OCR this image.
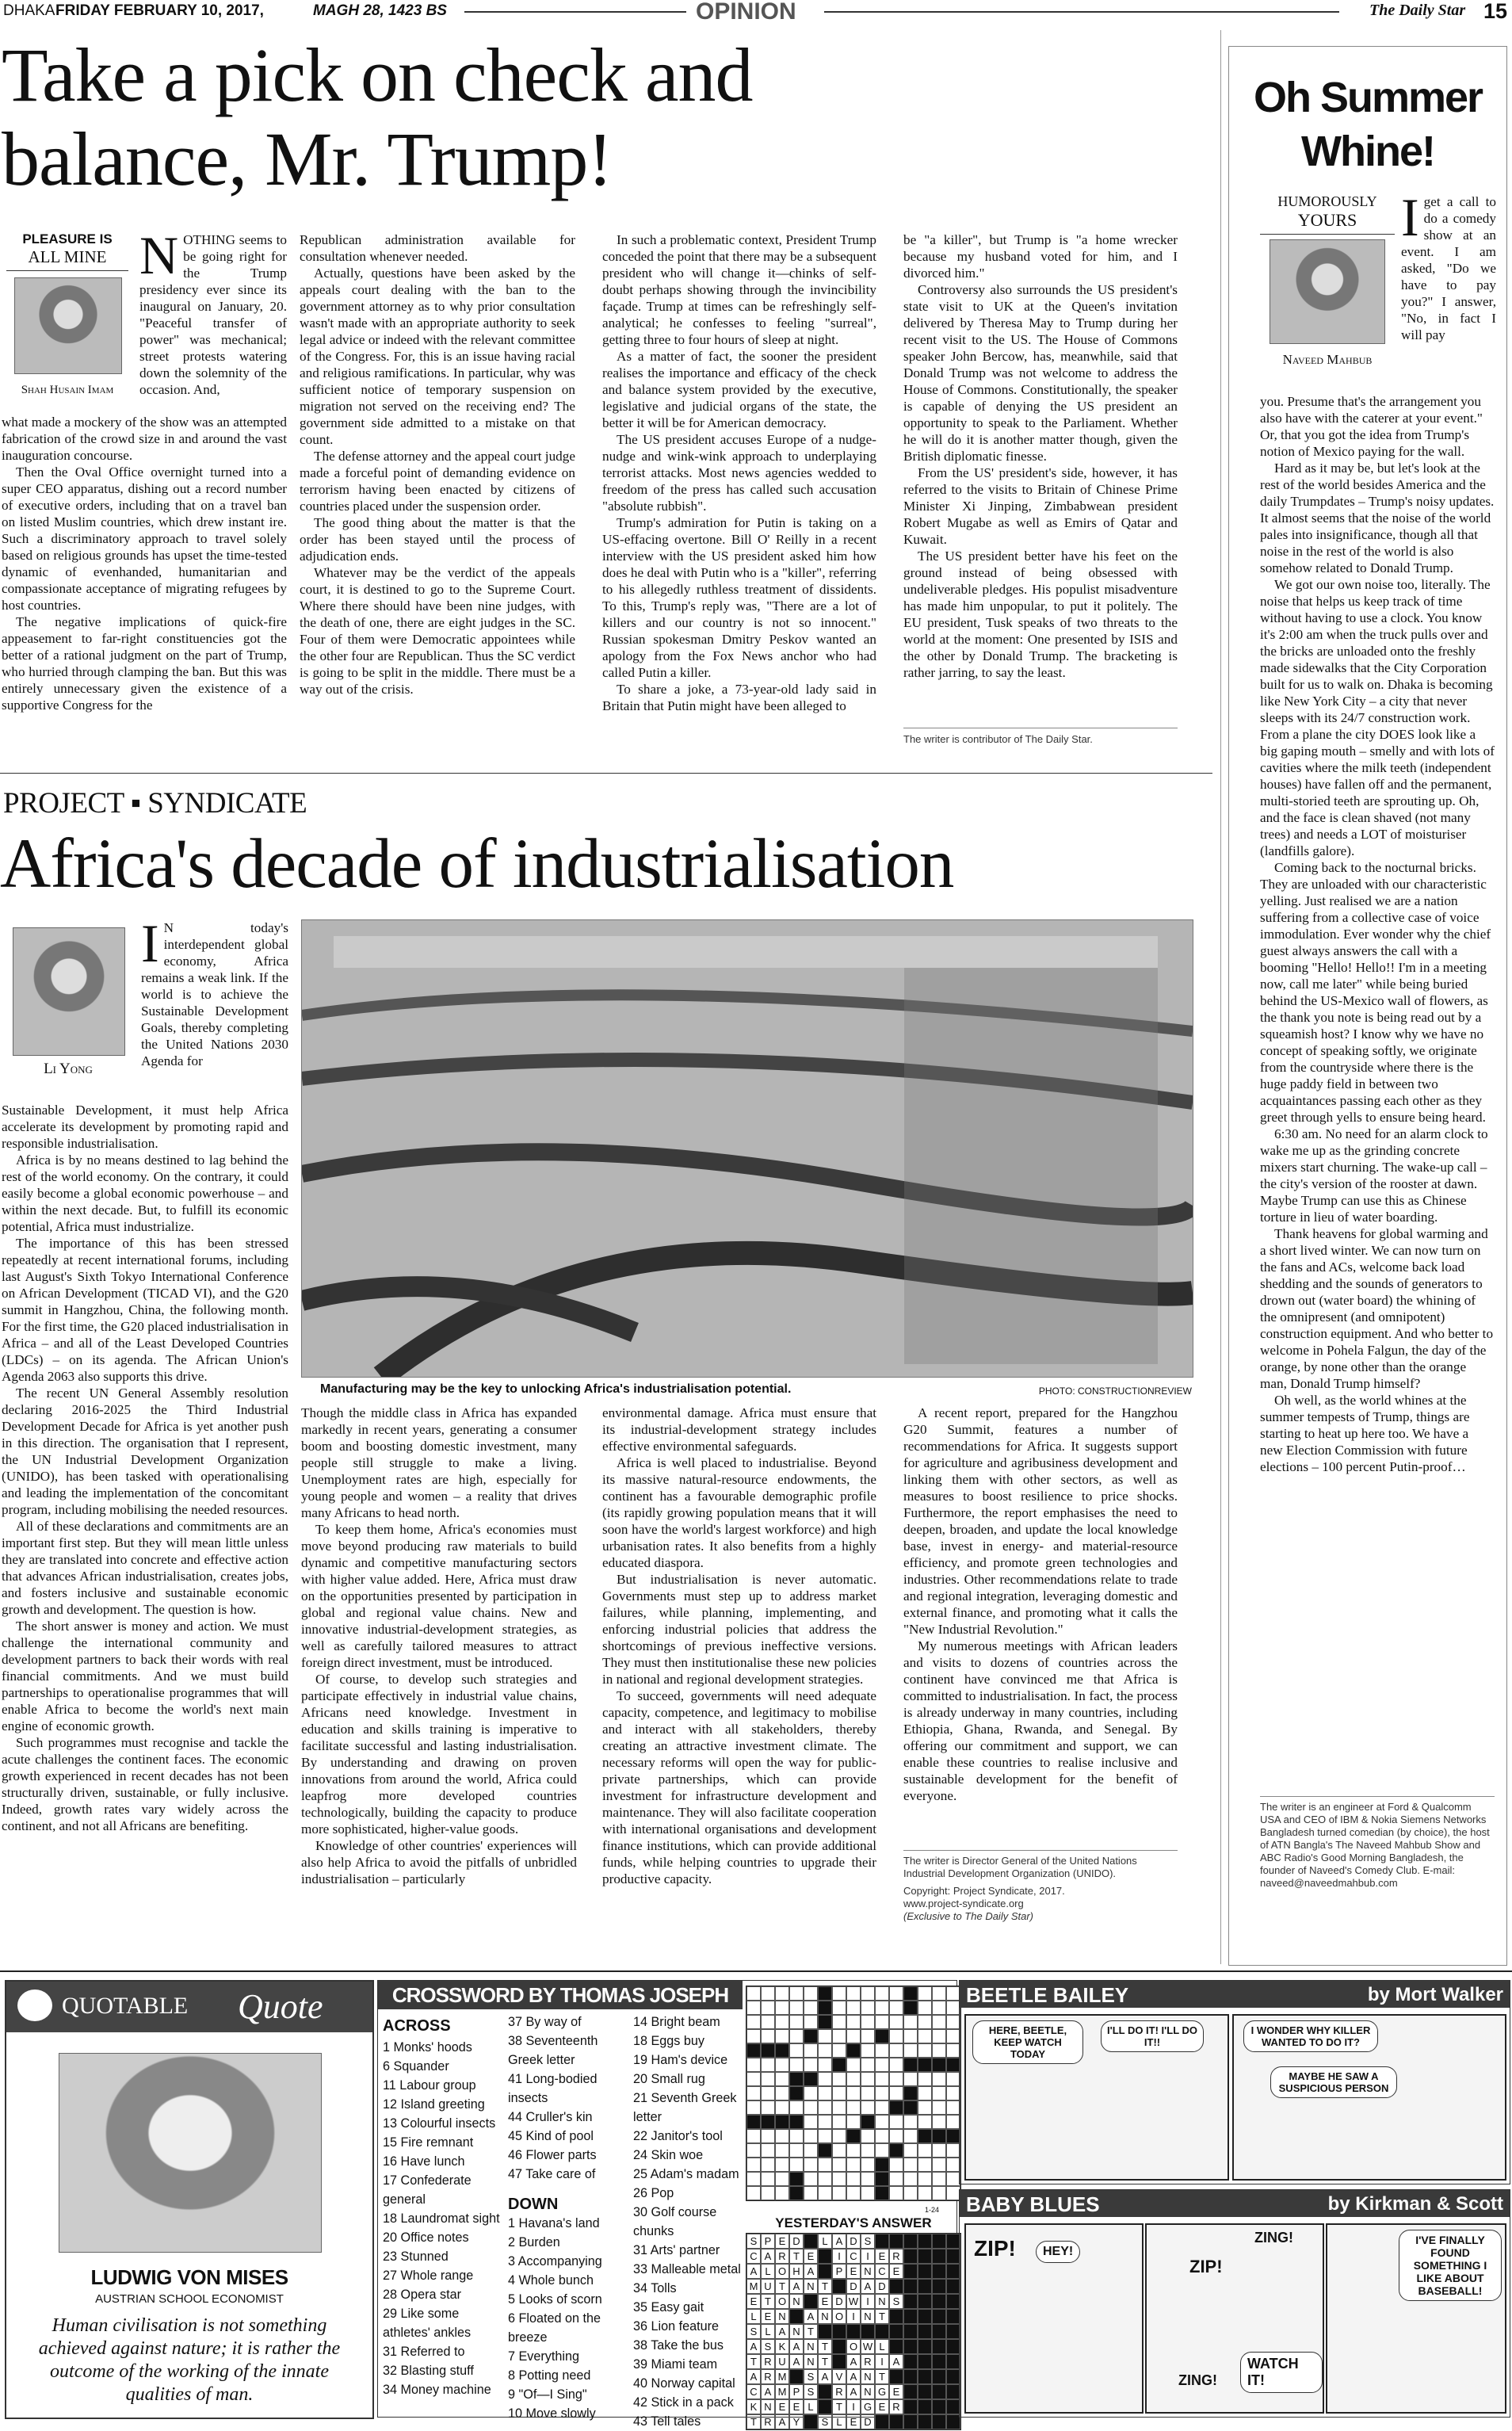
DHAKA FRIDAY FEBRUARY 10, 2017,	MAGH 28, 1423 BS	OPINION	The Daily Star 15
Take a pick on check and balance, Mr. Trump!
PLEASURE IS
ALL MINE
Shah Husain Imam

NOTHING seems to be going right for the Trump presidency ever since its inaugural on January, 20. "Peaceful transfer of power" was mechanical; street protests watering down the solemnity of the occasion. And,

what made a mockery of the show was an attempted fabrication of the crowd size in and around the vast inauguration concourse.

Then the Oval Office overnight turned into a super CEO apparatus, dishing out a record number of executive orders, including that on a travel ban on listed Muslim countries, which drew instant ire. Such a discriminatory approach to travel solely based on religious grounds has upset the time-tested dynamic of evenhanded, humanitarian and compassionate acceptance of migrating refugees by host countries.

The negative implications of quick-fire appeasement to far-right constituencies got the better of a rational judgment on the part of Trump, who hurried through clamping the ban. But this was entirely unnecessary given the existence of a supportive Congress for the

Republican administration available for consultation whenever needed.

Actually, questions have been asked by the appeals court dealing with the ban to the government attorney as to why prior consultation wasn't made with an appropriate authority to seek legal advice or indeed with the relevant committee of the Congress. For, this is an issue having racial and religious ramifications. In particular, why was sufficient notice of temporary suspension on migration not served on the receiving end? The government side admitted to a mistake on that count.

The defense attorney and the appeal court judge made a forceful point of demanding evidence on terrorism having been enacted by citizens of countries placed under the suspension order.

The good thing about the matter is that the order has been stayed until the process of adjudication ends.

Whatever may be the verdict of the appeals court, it is destined to go to the Supreme Court. Where there should have been nine judges, with the death of one, there are eight judges in the SC. Four of them were Democratic appointees while the other four are Republican. Thus the SC verdict is going to be split in the middle. There must be a way out of the crisis.

In such a problematic context, President Trump conceded the point that there may be a subsequent president who will change it—chinks of self-doubt perhaps showing through the invincibility façade. Trump at times can be refreshingly self-analytical; he confesses to feeling "surreal", getting three to four hours of sleep at night.

As a matter of fact, the sooner the president realises the importance and efficacy of the check and balance system provided by the executive, legislative and judicial organs of the state, the better it will be for American democracy.

The US president accuses Europe of a nudge-nudge and wink-wink approach to underplaying terrorist attacks. Most news agencies wedded to freedom of the press has called such accusation "absolute rubbish".

Trump's admiration for Putin is taking on a US-effacing overtone. Bill O' Reilly in a recent interview with the US president asked him how does he deal with Putin who is a "killer", referring to his allegedly ruthless treatment of dissidents. To this, Trump's reply was, "There are a lot of killers and our country is not so innocent." Russian spokesman Dmitry Peskov wanted an apology from the Fox News anchor who had called Putin a killer.

To share a joke, a 73-year-old lady said in Britain that Putin might have been alleged to

be "a killer", but Trump is "a home wrecker because my husband voted for him, and I divorced him."

Controversy also surrounds the US president's state visit to UK at the Queen's invitation delivered by Theresa May to Trump during her recent visit to the US. The House of Commons speaker John Bercow, has, meanwhile, said that Donald Trump was not welcome to address the House of Commons. Constitutionally, the speaker is capable of denying the US president an opportunity to speak to the Parliament. Whether he will do it is another matter though, given the British diplomatic finesse.

From the US' president's side, however, it has referred to the visits to Britain of Chinese Prime Minister Xi Jinping, Zimbabwean president Robert Mugabe as well as Emirs of Qatar and Kuwait.

The US president better have his feet on the ground instead of being obsessed with undeliverable pledges. His populist misadventure has made him unpopular, to put it politely. The EU president, Tusk speaks of two threats to the world at the moment: One presented by ISIS and the other by Donald Trump. The bracketing is rather jarring, to say the least.

The writer is contributor of The Daily Star.
PROJECT ▪ SYNDICATE
Africa's decade of industrialisation
Li Yong

I N today's interdependent global economy, Africa remains a weak link. If the world is to achieve the Sustainable Development Goals, thereby completing the United Nations 2030 Agenda for

Sustainable Development, it must help Africa accelerate its development by promoting rapid and responsible industrialisation.

Africa is by no means destined to lag behind the rest of the world economy. On the contrary, it could easily become a global economic powerhouse – and within the next decade. But, to fulfill its economic potential, Africa must industrialize.

The importance of this has been stressed repeatedly at recent international forums, including last August's Sixth Tokyo International Conference on African Development (TICAD VI), and the G20 summit in Hangzhou, China, the following month. For the first time, the G20 placed industrialisation in Africa – and all of the Least Developed Countries (LDCs) – on its agenda. The African Union's Agenda 2063 also supports this drive.

The recent UN General Assembly resolution declaring 2016-2025 the Third Industrial Development Decade for Africa is yet another push in this direction. The organisation that I represent, the UN Industrial Development Organization (UNIDO), has been tasked with operationalising and leading the implementation of the concomitant program, including mobilising the needed resources.

All of these declarations and commitments are an important first step. But they will mean little unless they are translated into concrete and effective action that advances African industrialisation, creates jobs, and fosters inclusive and sustainable economic growth and development. The question is how.

The short answer is money and action. We must challenge the international community and development partners to back their words with real financial commitments. And we must build partnerships to operationalise programmes that will enable Africa to become the world's next main engine of economic growth.

Such programmes must recognise and tackle the acute challenges the continent faces. The economic growth experienced in recent decades has not been structurally driven, sustainable, or fully inclusive. Indeed, growth rates vary widely across the continent, and not all Africans are benefiting.

Manufacturing may be the key to unlocking Africa's industrialisation potential.	PHOTO: CONSTRUCTIONREVIEW

Though the middle class in Africa has expanded markedly in recent years, generating a consumer boom and boosting domestic investment, many people still struggle to make a living. Unemployment rates are high, especially for young people and women – a reality that drives many Africans to head north.

To keep them home, Africa's economies must move beyond producing raw materials to build dynamic and competitive manufacturing sectors with higher value added. Here, Africa must draw on the opportunities presented by participation in global and regional value chains. New and innovative industrial-development strategies, as well as carefully tailored measures to attract foreign direct investment, must be introduced.

Of course, to develop such strategies and participate effectively in industrial value chains, Africans need knowledge. Investment in education and skills training is imperative to facilitate successful and lasting industrialisation. By understanding and drawing on proven innovations from around the world, Africa could leapfrog more developed countries technologically, building the capacity to produce more sophisticated, higher-value goods.

Knowledge of other countries' experiences will also help Africa to avoid the pitfalls of unbridled industrialisation – particularly

environmental damage. Africa must ensure that its industrial-development strategy includes effective environmental safeguards.

Africa is well placed to industrialise. Beyond its massive natural-resource endowments, the continent has a favourable demographic profile (its rapidly growing population means that it will soon have the world's largest workforce) and high urbanisation rates. It also benefits from a highly educated diaspora.

But industrialisation is never automatic. Governments must step up to address market failures, while planning, implementing, and enforcing industrial policies that address the shortcomings of previous ineffective versions. They must then institutionalise these new policies in national and regional development strategies.

To succeed, governments will need adequate capacity, competence, and legitimacy to mobilise and interact with all stakeholders, thereby creating an attractive investment climate. The necessary reforms will open the way for public-private partnerships, which can provide investment for infrastructure development and maintenance. They will also facilitate cooperation with international organisations and development finance institutions, which can provide additional funds, while helping countries to upgrade their productive capacity.

A recent report, prepared for the Hangzhou G20 Summit, features a number of recommendations for Africa. It suggests support for agriculture and agribusiness development and linking them with other sectors, as well as measures to boost resilience to price shocks. Furthermore, the report emphasises the need to deepen, broaden, and update the local knowledge base, invest in energy- and material-resource efficiency, and promote green technologies and industries. Other recommendations relate to trade and regional integration, leveraging domestic and external finance, and promoting what it calls the "New Industrial Revolution."

My numerous meetings with African leaders and visits to dozens of countries across the continent have convinced me that Africa is committed to industrialisation. In fact, the process is already underway in many countries, including Ethiopia, Ghana, Rwanda, and Senegal. By offering our commitment and support, we can enable these countries to realise inclusive and sustainable development for the benefit of everyone.

The writer is Director General of the United Nations Industrial Development Organization (UNIDO).
Copyright: Project Syndicate, 2017.
www.project-syndicate.org
(Exclusive to The Daily Star)
Oh Summer
Whine!
HUMOROUSLY
YOURS
Naveed Mahbub

Iget a call to do a comedy show at an event. I am asked, "Do we have to pay you?" I answer, "No, in fact I will pay

you. Presume that's the arrangement you also have with the caterer at your event." Or, that you got the idea from Trump's notion of Mexico paying for the wall.

Hard as it may be, but let's look at the rest of the world besides America and the daily Trumpdates – Trump's noisy updates. It almost seems that the noise of the world pales into insignificance, though all that noise in the rest of the world is also somehow related to Donald Trump.

We got our own noise too, literally. The noise that helps us keep track of time without having to use a clock. You know it's 2:00 am when the truck pulls over and the bricks are unloaded onto the freshly made sidewalks that the City Corporation built for us to walk on. Dhaka is becoming like New York City – a city that never sleeps with its 24/7 construction work. From a plane the city DOES look like a big gaping mouth – smelly and with lots of cavities where the milk teeth (independent houses) have fallen off and the permanent, multi-storied teeth are sprouting up. Oh, and the face is clean shaved (not many trees) and needs a LOT of moisturiser (landfills galore).

Coming back to the nocturnal bricks. They are unloaded with our characteristic yelling. Just realised we are a nation suffering from a collective case of voice immodulation. Ever wonder why the chief guest always answers the call with a booming "Hello! Hello!! I'm in a meeting now, call me later" while being buried behind the US-Mexico wall of flowers, as the thank you note is being read out by a squeamish host? I know why we have no concept of speaking softly, we originate from the countryside where there is the huge paddy field in between two acquaintances passing each other as they greet through yells to ensure being heard.

6:30 am. No need for an alarm clock to wake me up as the grinding concrete mixers start churning. The wake-up call – the city's version of the rooster at dawn. Maybe Trump can use this as Chinese torture in lieu of water boarding.

Thank heavens for global warming and a short lived winter. We can now turn on the fans and ACs, welcome back load shedding and the sounds of generators to drown out (water board) the whining of the omnipresent (and omnipotent) construction equipment. And who better to welcome in Pohela Falgun, the day of the orange, by none other than the orange man, Donald Trump himself?

Oh well, as the world whines at the summer tempests of Trump, things are starting to heat up here too. We have a new Election Commission with future elections – 100 percent Putin-proof…

The writer is an engineer at Ford & Qualcomm USA and CEO of IBM & Nokia Siemens Networks Bangladesh turned comedian (by choice), the host of ATN Bangla's The Naveed Mahbub Show and ABC Radio's Good Morning Bangladesh, the founder of Naveed's Comedy Club. E-mail: naveed@naveedmahbub.com
QUOTABLE Quote
LUDWIG VON MISES
AUSTRIAN SCHOOL ECONOMIST
Human civilisation is not something achieved against nature; it is rather the outcome of the working of the innate qualities of man.
CROSSWORD BY THOMAS JOSEPH
ACROSS
1 Monks' hoods
6 Squander
11 Labour group
12 Island greeting
13 Colourful insects
15 Fire remnant
16 Have lunch
17 Confederate general
18 Laundromat sight
20 Office notes
23 Stunned
27 Whole range
28 Opera star
29 Like some athletes' ankles
31 Referred to
32 Blasting stuff
34 Money machine
37 By way of
38 Seventeenth Greek letter
41 Long-bodied insects
44 Cruller's kin
45 Kind of pool
46 Flower parts
47 Take care of
DOWN
1 Havana's land
2 Burden
3 Accompanying
4 Whole bunch
5 Looks of scorn
6 Floated on the breeze
7 Everything
8 Potting need
9 "Of—I Sing"
10 Move slowly
14 Bright beam
18 Eggs buy
19 Ham's device
20 Small rug
21 Seventh Greek letter
22 Janitor's tool
24 Skin woe
25 Adam's madam
26 Pop
30 Golf course chunks
31 Arts' partner
33 Malleable metal
34 Tolls
35 Easy gait
36 Lion feature
38 Take the bus
39 Miami team
40 Norway capital
42 Stick in a pack
43 Tell tales
1-24
YESTERDAY'S ANSWER
S P E D	L A D S
C A R T E	I C I E R
A L O H A	P E N C E
M U T A N T	D A D
E T O N	E D W I N S
L E N	A N O I N T
S L A N T
A S K A N T	O W L
T R U A N T	A R I A
A R M	S A V A N T
C A M P S	R A N G E
K N E E L	T I G E R
T R A Y	S L E D
BEETLE BAILEY	by Mort Walker
HERE, BEETLE, KEEP WATCH TODAY
I'LL DO IT! I'LL DO IT!!
I WONDER WHY KILLER WANTED TO DO IT?
MAYBE HE SAW A SUSPICIOUS PERSON
BABY BLUES	by Kirkman & Scott
ZIP!	HEY!
ZIP!
ZING!
ZING!
WATCH IT!
I'VE FINALLY FOUND SOMETHING I LIKE ABOUT BASEBALL!
